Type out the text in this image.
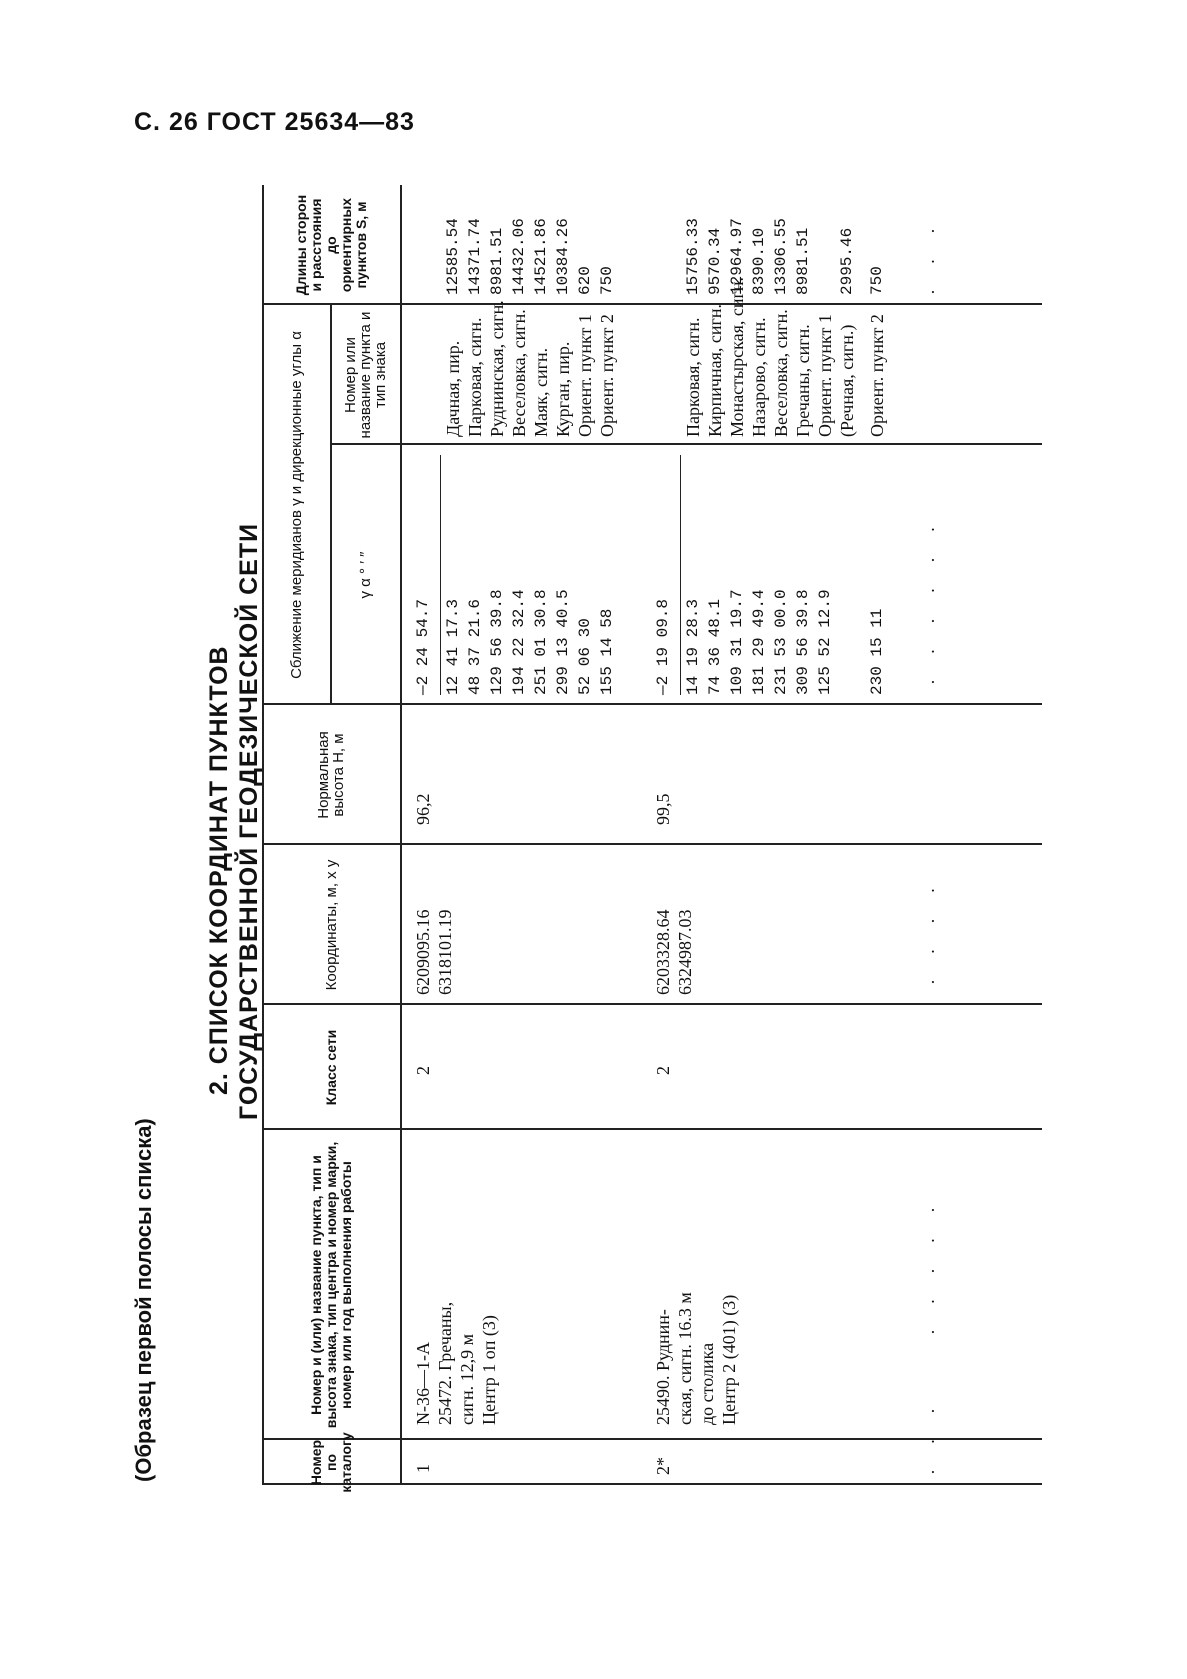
С. 26 ГОСТ 25634—83
(Образец первой полосы списка)
2. СПИСОК КООРДИНАТ ПУНКТОВ ГОСУДАРСТВЕННОЙ ГЕОДЕЗИЧЕСКОЙ СЕТИ
Номер по каталогу
Номер и (или) название пункта, тип и высота знака, тип центра и номер марки, номер или год выполнения работы
Класс сети
Координаты, м, x y
Нормальная высота H, м
Сближение меридианов γ и дирекционные углы α	γ α ° ′ ″
Номер или название пункта и тип знака
Длины сторон и расстояния до ориентирных пунктов S, м
1
N-36—1-А 25472. Гречаны, сигн. 12,9 м Центр 1 оп (3)
2
6209095.16 6318101.19
96,2
—2 24 54.7 12 41 17.3 48 37 21.6 129 56 39.8 194 22 32.4 251 01 30.8 299 13 40.5 52 06 30 155 14 58
Дачная, пир. Парковая, сигн. Руднинская, сигн. Веселовка, сигн. Маяк, сигн. Курган, пир. Ориент. пункт 1 Ориент. пункт 2
12585.54 14371.74 8981.51 14432.06 14521.86 10384.26 620 750
2*
25490. Руднин- ская, сигн. 16.3 м до столика Центр 2 (401) (3)
2
6203328.64 6324987.03
99,5
—2 19 09.8 14 19 28.3 74 36 48.1 109 31 19.7 181 29 49.4 231 53 00.0 309 56 39.8 125 52 12.9 230 15 11
Парковая, сигн. Кирпичная, сигн. Монастырская, сигн. Назарово, сигн. Веселовка, сигн. Гречаны, сигн. Ориент. пункт 1 (Речная, сигн.) Ориент. пункт 2
15756.33 9570.34 12964.97 8390.10 13306.55 8981.51 2995.46 750
· · ·
· · · · ·
· · · ·
· · · · · ·
· · ·
